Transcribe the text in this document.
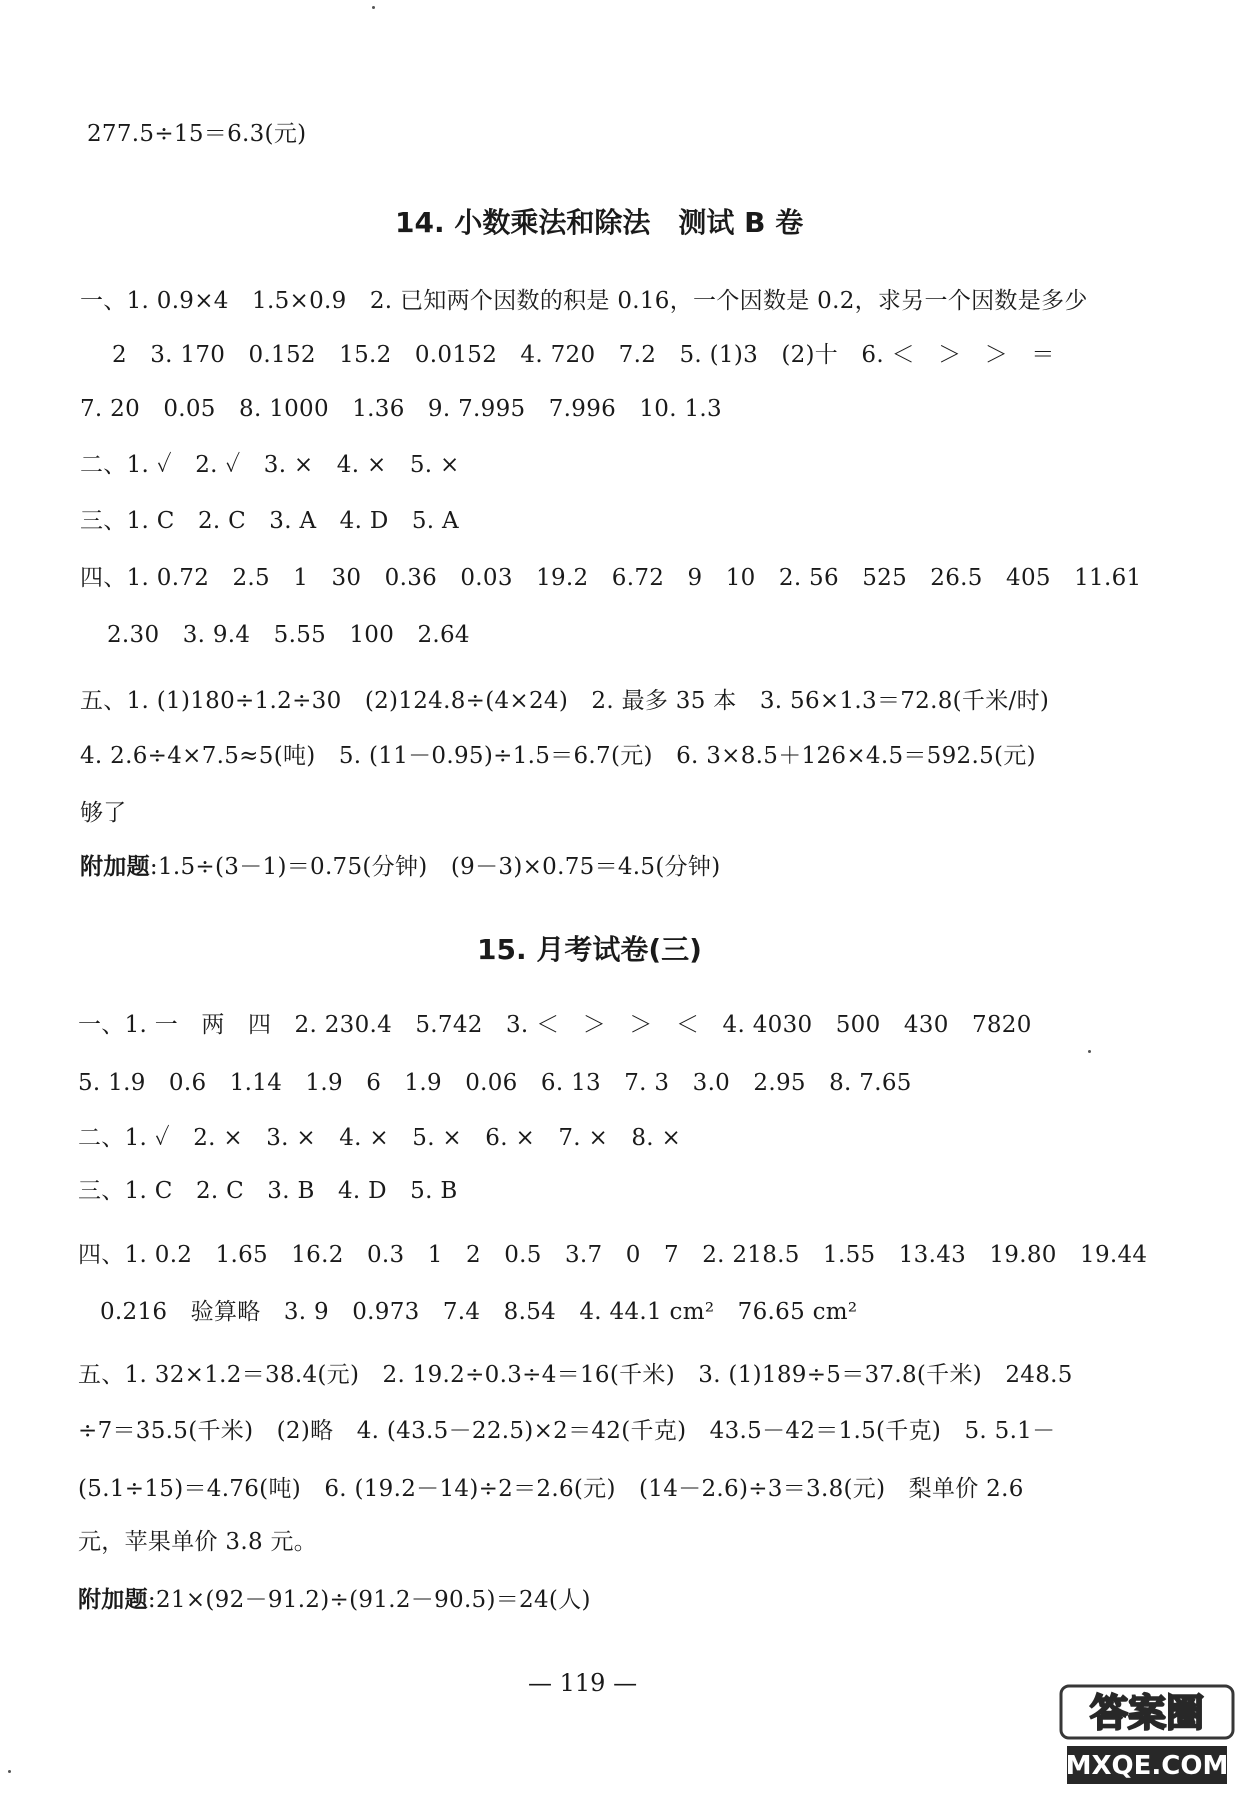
277.5÷15＝6.3(元)
14. 小数乘法和除法　测试 B 卷
一、1. 0.9×4　1.5×0.9　2. 已知两个因数的积是 0.16，一个因数是 0.2，求另一个因数是多少
2　3. 170　0.152　15.2　0.0152　4. 720　7.2　5. (1)3　(2)十　6. ＜　＞　＞　＝
7. 20　0.05　8. 1000　1.36　9. 7.995　7.996　10. 1.3
二、1. ✓　2. ✓　3. ×　4. ×　5. ×
三、1. C　2. C　3. A　4. D　5. A
四、1. 0.72　2.5　1　30　0.36　0.03　19.2　6.72　9　10　2. 56　525　26.5　405　11.61
2.30　3. 9.4　5.55　100　2.64
五、1. (1)180÷1.2÷30　(2)124.8÷(4×24)　2. 最多 35 本　3. 56×1.3＝72.8(千米/时)
4. 2.6÷4×7.5≈5(吨)　5. (11－0.95)÷1.5＝6.7(元)　6. 3×8.5＋126×4.5＝592.5(元)
够了
附加题:1.5÷(3－1)＝0.75(分钟)　(9－3)×0.75＝4.5(分钟)
15. 月考试卷(三)
一、1. 一　两　四　2. 230.4　5.742　3. ＜　＞　＞　＜　4. 4030　500　430　7820
5. 1.9　0.6　1.14　1.9　6　1.9　0.06　6. 13　7. 3　3.0　2.95　8. 7.65
二、1. ✓　2. ×　3. ×　4. ×　5. ×　6. ×　7. ×　8. ×
三、1. C　2. C　3. B　4. D　5. B
四、1. 0.2　1.65　16.2　0.3　1　2　0.5　3.7　0　7　2. 218.5　1.55　13.43　19.80　19.44
0.216　验算略　3. 9　0.973　7.4　8.54　4. 44.1 cm²　76.65 cm²
五、1. 32×1.2＝38.4(元)　2. 19.2÷0.3÷4＝16(千米)　3. (1)189÷5＝37.8(千米)　248.5
÷7＝35.5(千米)　(2)略　4. (43.5－22.5)×2＝42(千克)　43.5－42＝1.5(千克)　5. 5.1－
(5.1÷15)＝4.76(吨)　6. (19.2－14)÷2＝2.6(元)　(14－2.6)÷3＝3.8(元)　梨单价 2.6
元，苹果单价 3.8 元。
附加题:21×(92－91.2)÷(91.2－90.5)＝24(人)
— 119 —
答案圈
MXQE.COM
